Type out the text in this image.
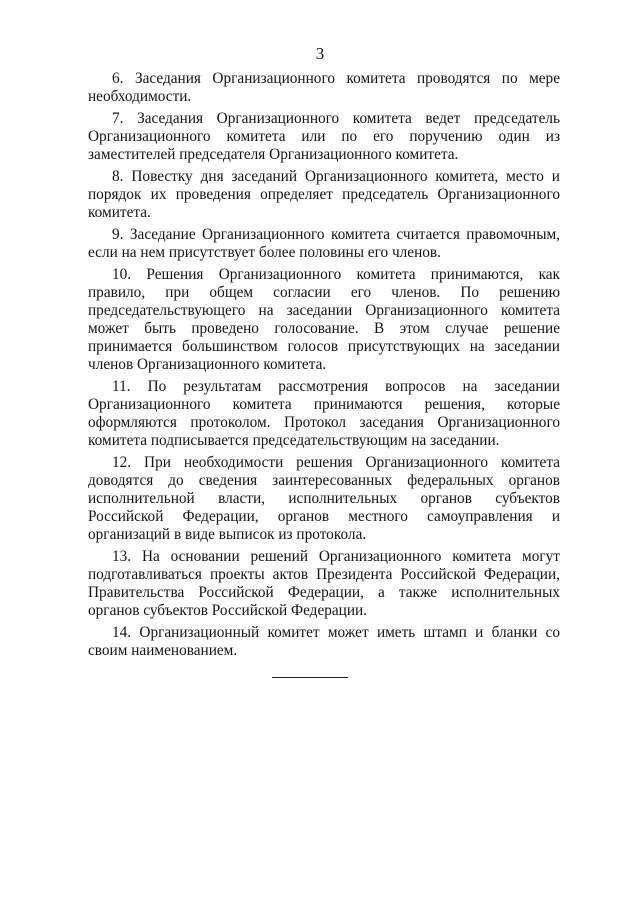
3

6. Заседания Организационного комитета проводятся по мере необходимости.

7. Заседания Организационного комитета ведет председатель Организационного комитета или по его поручению один из заместителей председателя Организационного комитета.

8. Повестку дня заседаний Организационного комитета, место и порядок их проведения определяет председатель Организационного комитета.

9. Заседание Организационного комитета считается правомочным, если на нем присутствует более половины его членов.

10. Решения Организационного комитета принимаются, как правило, при общем согласии его членов. По решению председательствующего на заседании Организационного комитета может быть проведено голосование. В этом случае решение принимается большинством голосов присутствующих на заседании членов Организационного комитета.

11. По результатам рассмотрения вопросов на заседании Организационного комитета принимаются решения, которые оформляются протоколом. Протокол заседания Организационного комитета подписывается председательствующим на заседании.

12. При необходимости решения Организационного комитета доводятся до сведения заинтересованных федеральных органов исполнительной власти, исполнительных органов субъектов Российской Федерации, органов местного самоуправления и организаций в виде выписок из протокола.

13. На основании решений Организационного комитета могут подготавливаться проекты актов Президента Российской Федерации, Правительства Российской Федерации, а также исполнительных органов субъектов Российской Федерации.

14. Организационный комитет может иметь штамп и бланки со своим наименованием.
